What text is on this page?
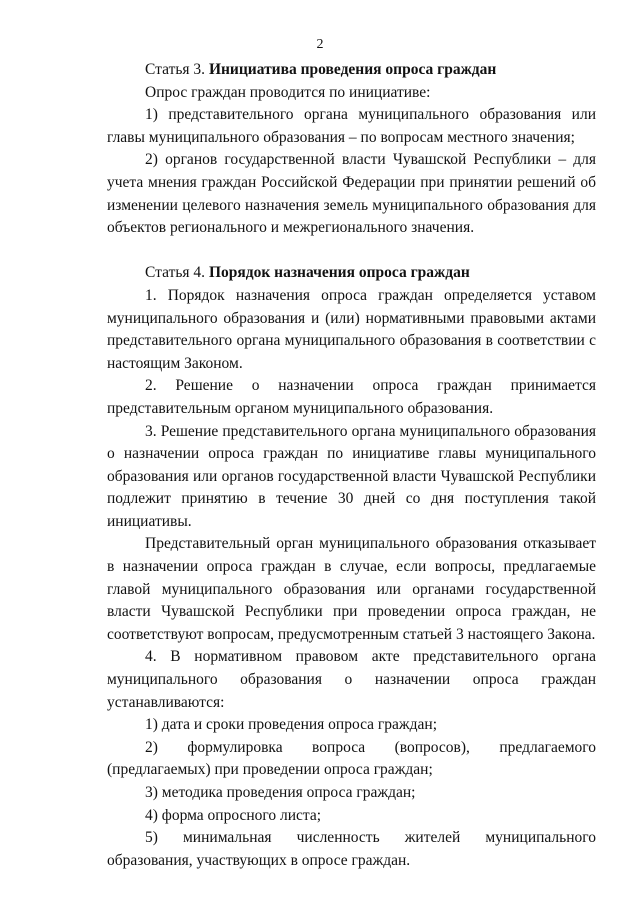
2

Статья 3. Инициатива проведения опроса граждан

Опрос граждан проводится по инициативе:

1) представительного органа муниципального образования или главы муниципального образования – по вопросам местного значения;

2) органов государственной власти Чувашской Республики – для учета мнения граждан Российской Федерации при принятии решений об изменении целевого назначения земель муниципального образования для объектов регионального и межрегионального значения.

Статья 4. Порядок назначения опроса граждан

1. Порядок назначения опроса граждан определяется уставом муниципального образования и (или) нормативными правовыми актами представительного органа муниципального образования в соответствии с настоящим Законом.

2. Решение о назначении опроса граждан принимается представительным органом муниципального образования.

3. Решение представительного органа муниципального образования о назначении опроса граждан по инициативе главы муниципального образования или органов государственной власти Чувашской Республики подлежит принятию в течение 30 дней со дня поступления такой инициативы.

Представительный орган муниципального образования отказывает в назначении опроса граждан в случае, если вопросы, предлагаемые главой муниципального образования или органами государственной власти Чувашской Республики при проведении опроса граждан, не соответствуют вопросам, предусмотренным статьей 3 настоящего Закона.

4. В нормативном правовом акте представительного органа муниципального образования о назначении опроса граждан устанавливаются:

1) дата и сроки проведения опроса граждан;

2) формулировка вопроса (вопросов), предлагаемого (предлагаемых) при проведении опроса граждан;

3) методика проведения опроса граждан;

4) форма опросного листа;

5) минимальная численность жителей муниципального образования, участвующих в опросе граждан.
